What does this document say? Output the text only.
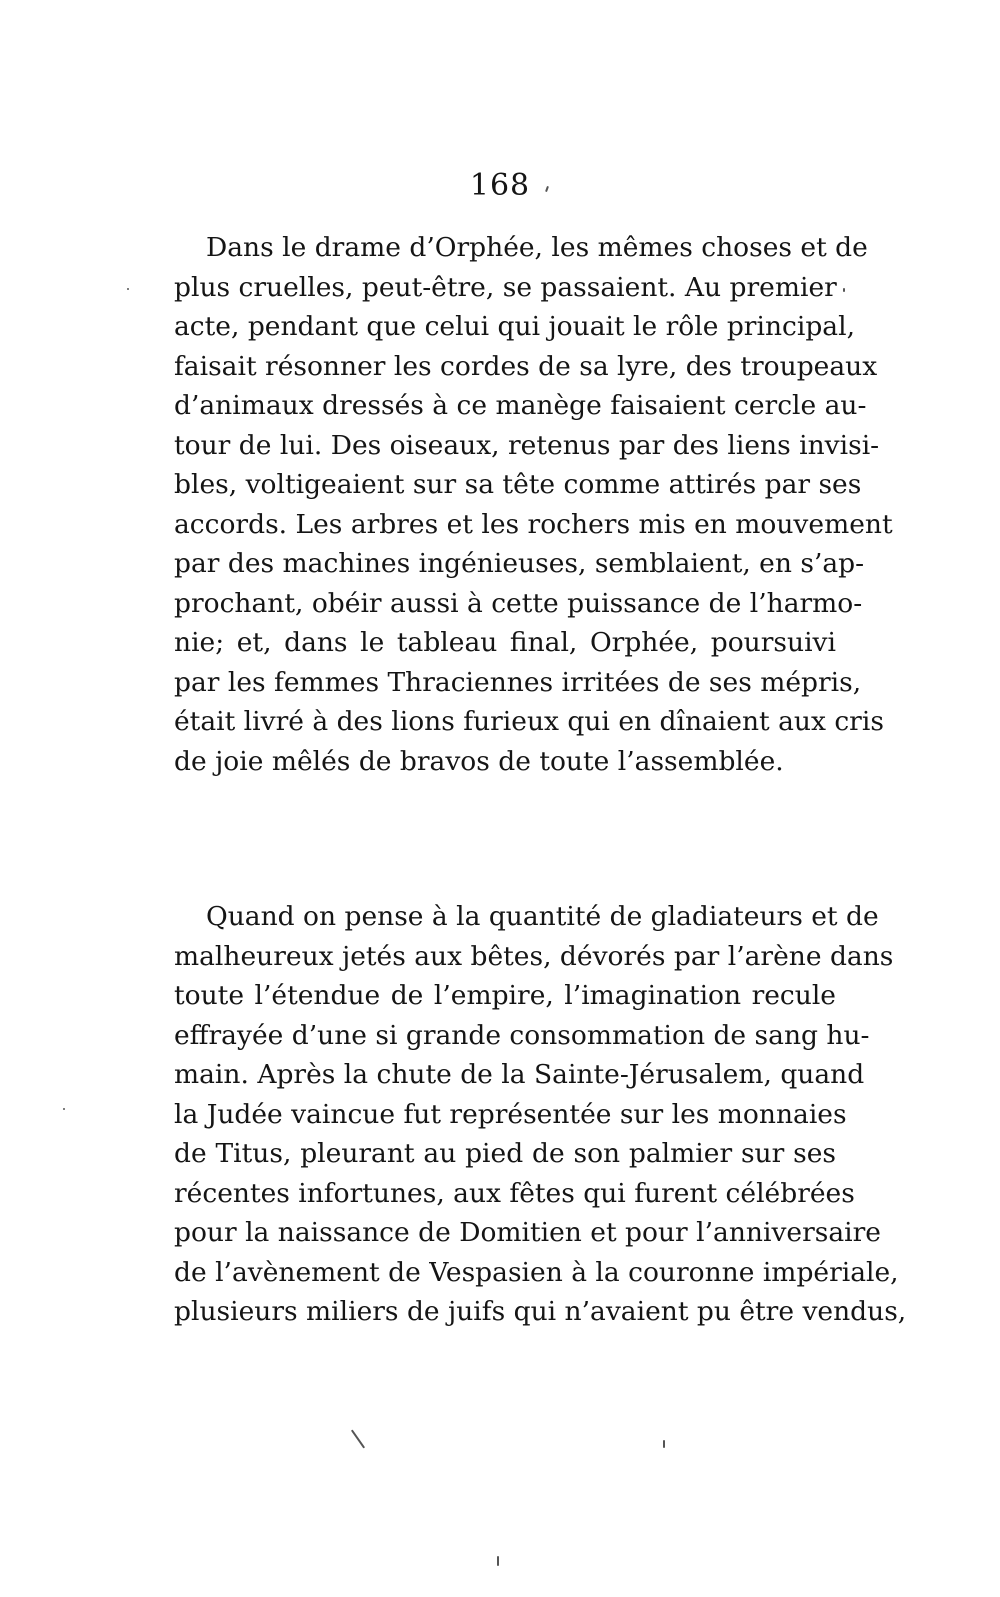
168
Dans le drame d’Orphée, les mêmes choses et de
plus cruelles, peut-être, se passaient. Au premier
acte, pendant que celui qui jouait le rôle principal,
faisait résonner les cordes de sa lyre, des troupeaux
d’animaux dressés à ce manège faisaient cercle au-
tour de lui. Des oiseaux, retenus par des liens invisi-
bles, voltigeaient sur sa tête comme attirés par ses
accords. Les arbres et les rochers mis en mouvement
par des machines ingénieuses, semblaient, en s’ap-
prochant, obéir aussi à cette puissance de l’harmo-
nie; et, dans le tableau final, Orphée, poursuivi
par les femmes Thraciennes irritées de ses mépris,
était livré à des lions furieux qui en dînaient aux cris
de joie mêlés de bravos de toute l’assemblée.
Quand on pense à la quantité de gladiateurs et de
malheureux jetés aux bêtes, dévorés par l’arène dans
toute l’étendue de l’empire, l’imagination recule
effrayée d’une si grande consommation de sang hu-
main. Après la chute de la Sainte-Jérusalem, quand
la Judée vaincue fut représentée sur les monnaies
de Titus, pleurant au pied de son palmier sur ses
récentes infortunes, aux fêtes qui furent célébrées
pour la naissance de Domitien et pour l’anniversaire
de l’avènement de Vespasien à la couronne impériale,
plusieurs miliers de juifs qui n’avaient pu être vendus,
